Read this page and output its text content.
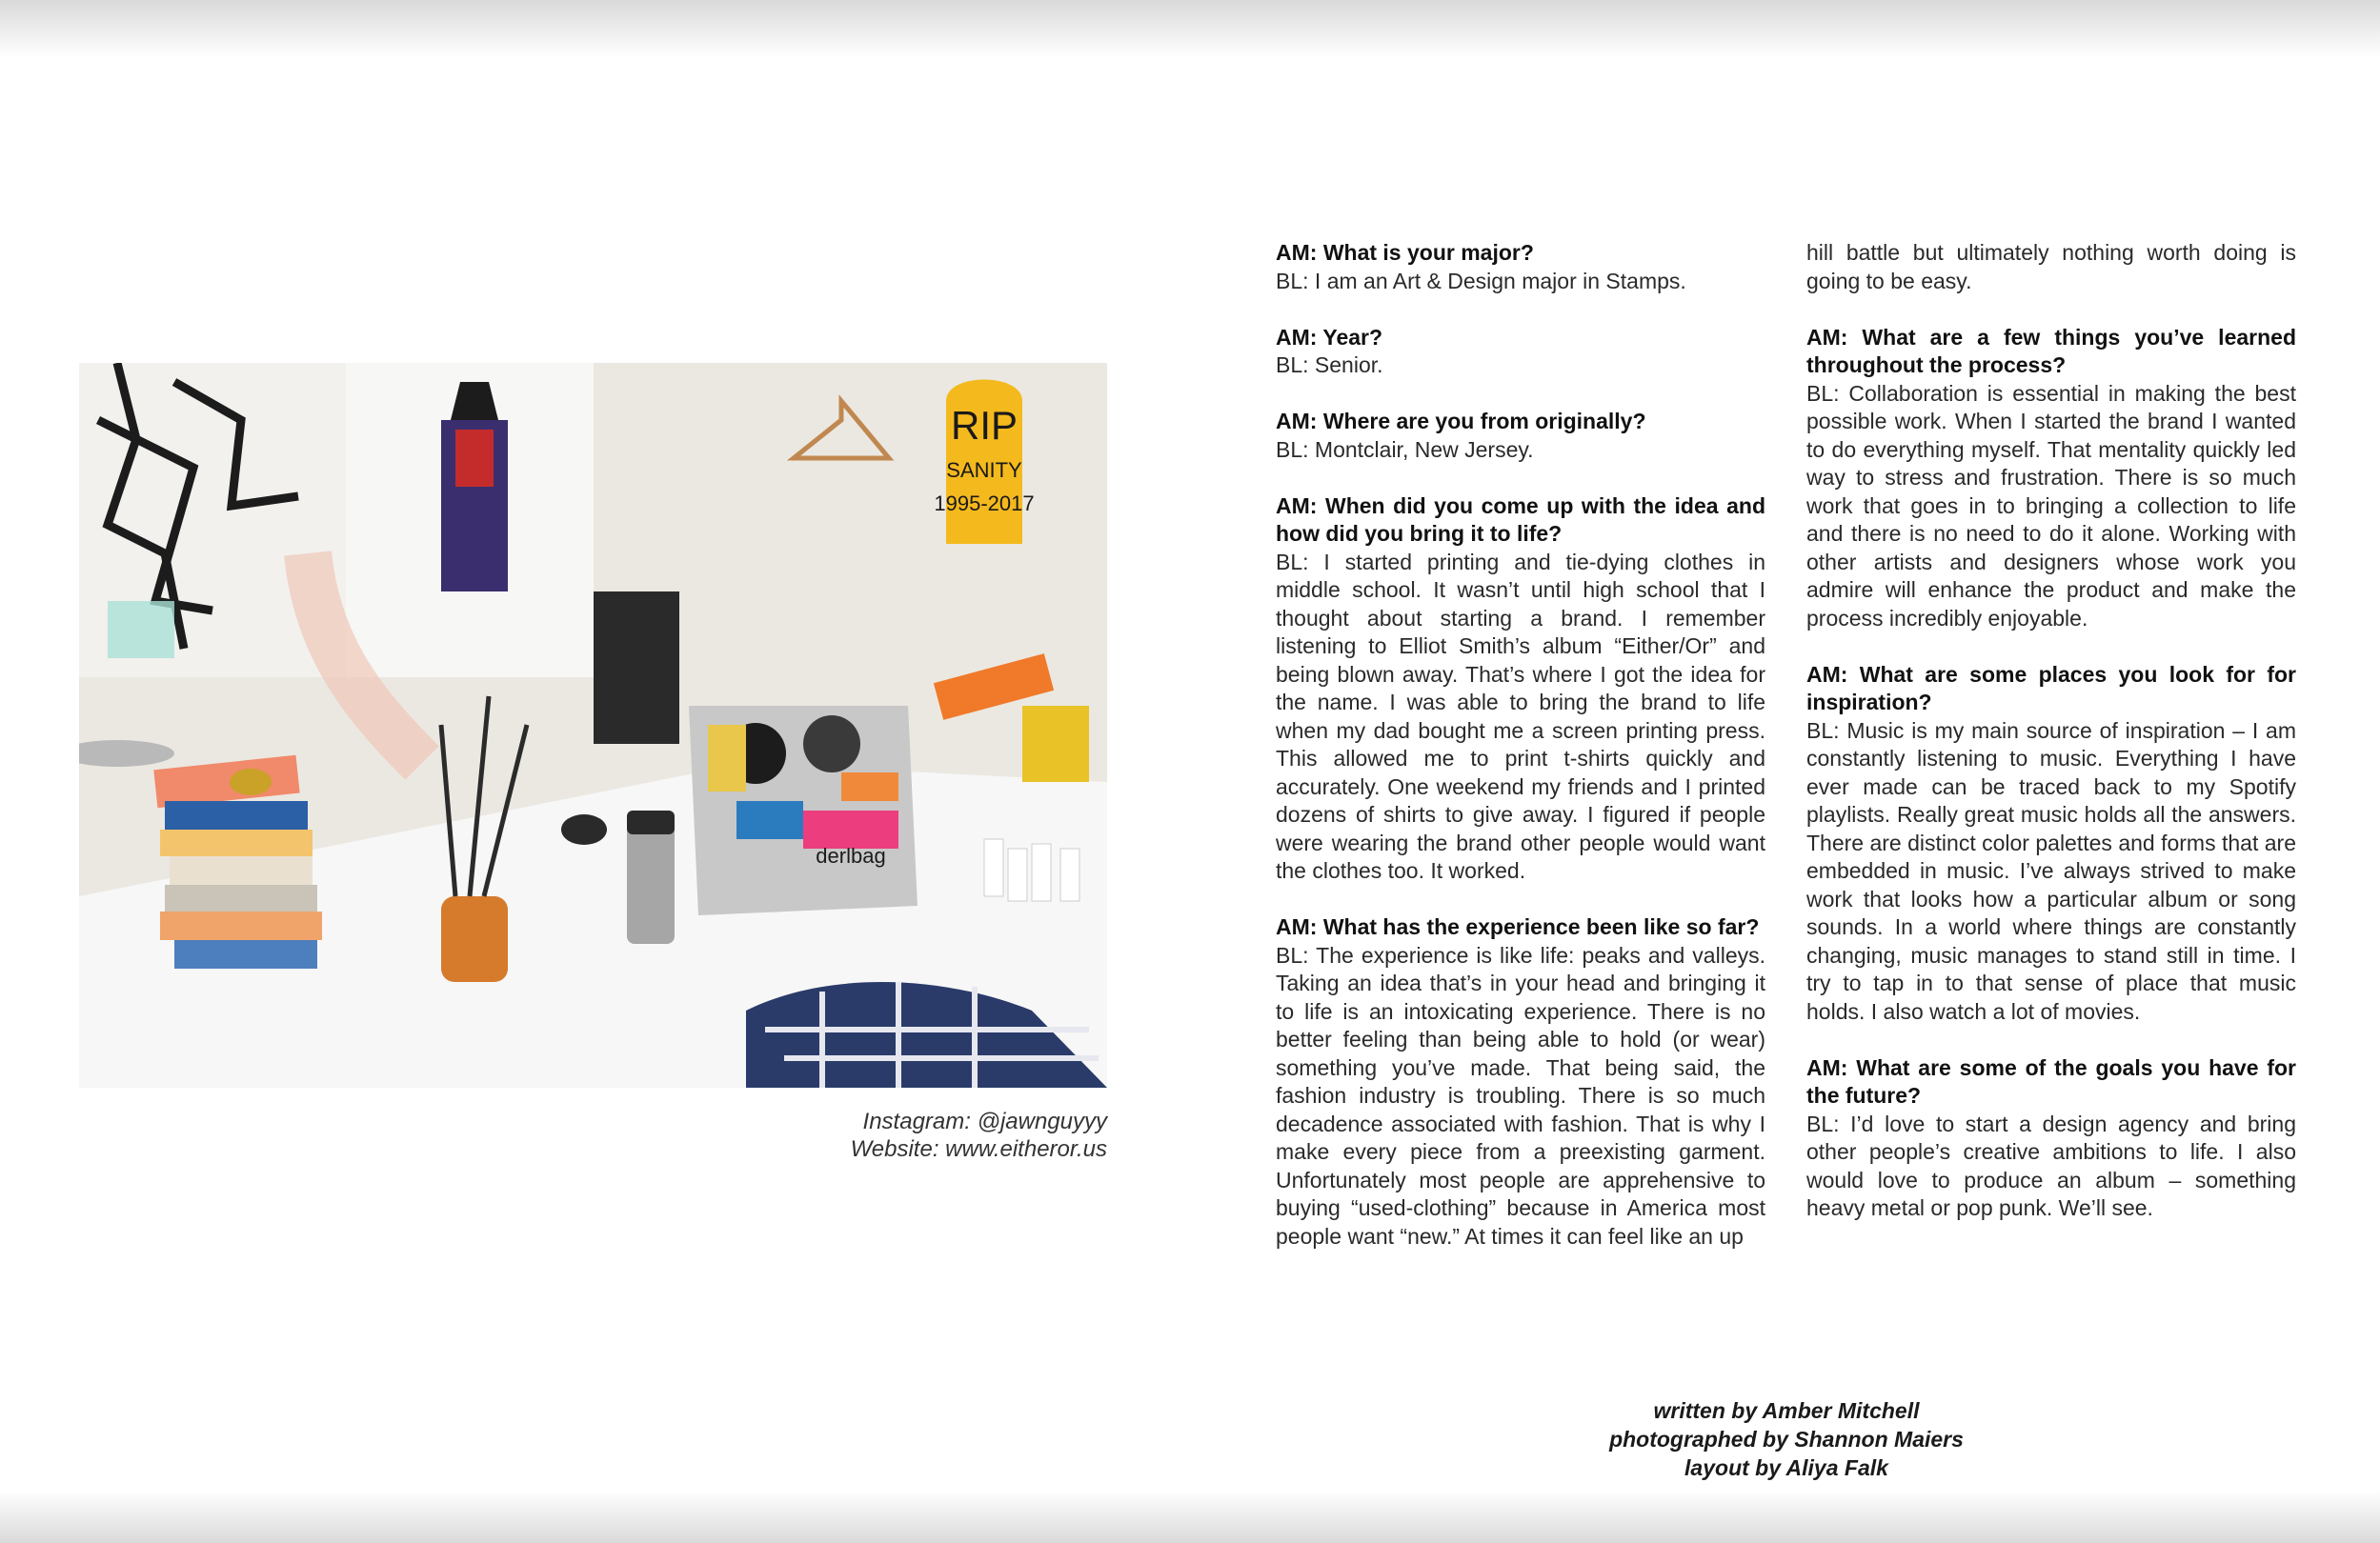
RIP
SANITY
1995-2017
derlbag
Instagram: @jawnguyyy
Website: www.eitheror.us
AM: What is your major?
BL: I am an Art & Design major in Stamps.
AM: Year?
BL: Senior.
AM: Where are you from originally?
BL: Montclair, New Jersey.
AM: When did you come up with the idea and how did you bring it to life?
BL: I started printing and tie-dying clothes in middle school. It wasn’t until high school that I thought about starting a brand. I remember listening to Elliot Smith’s album “Either/Or” and being blown away. That’s where I got the idea for the name. I was able to bring the brand to life when my dad bought me a screen printing press. This allowed me to print t-shirts quickly and accurately. One weekend my friends and I printed dozens of shirts to give away. I figured if people were wearing the brand other people would want the clothes too. It worked.
AM: What has the experience been like so far?
BL: The experience is like life: peaks and valleys. Taking an idea that’s in your head and bringing it to life is an intoxicating experience. There is no better feeling than being able to hold (or wear) something you’ve made. That being said, the fashion industry is troubling. There is so much decadence associated with fashion. That is why I make every piece from a preexisting garment. Unfortunately most people are apprehensive to buying “used-clothing” because in America most people want “new.” At times it can feel like an up
hill battle but ultimately nothing worth doing is going to be easy.
AM: What are a few things you’ve learned throughout the process?
BL: Collaboration is essential in making the best possible work. When I started the brand I wanted to do everything myself. That mentality quickly led way to stress and frustration. There is so much work that goes in to bringing a collection to life and there is no need to do it alone. Working with other artists and designers whose work you admire will enhance the product and make the process incredibly enjoyable.
AM: What are some places you look for for inspiration?
BL: Music is my main source of inspiration – I am constantly listening to music. Everything I have ever made can be traced back to my Spotify playlists. Really great music holds all the answers. There are distinct color palettes and forms that are embedded in music. I’ve always strived to make work that looks how a particular album or song sounds. In a world where things are constantly changing, music manages to stand still in time. I try to tap in to that sense of place that music holds. I also watch a lot of movies.
AM: What are some of the goals you have for the future?
BL: I’d love to start a design agency and bring other people’s creative ambitions to life. I also would love to produce an album – something heavy metal or pop punk. We’ll see.
written by Amber Mitchell
photographed by Shannon Maiers
layout by Aliya Falk
